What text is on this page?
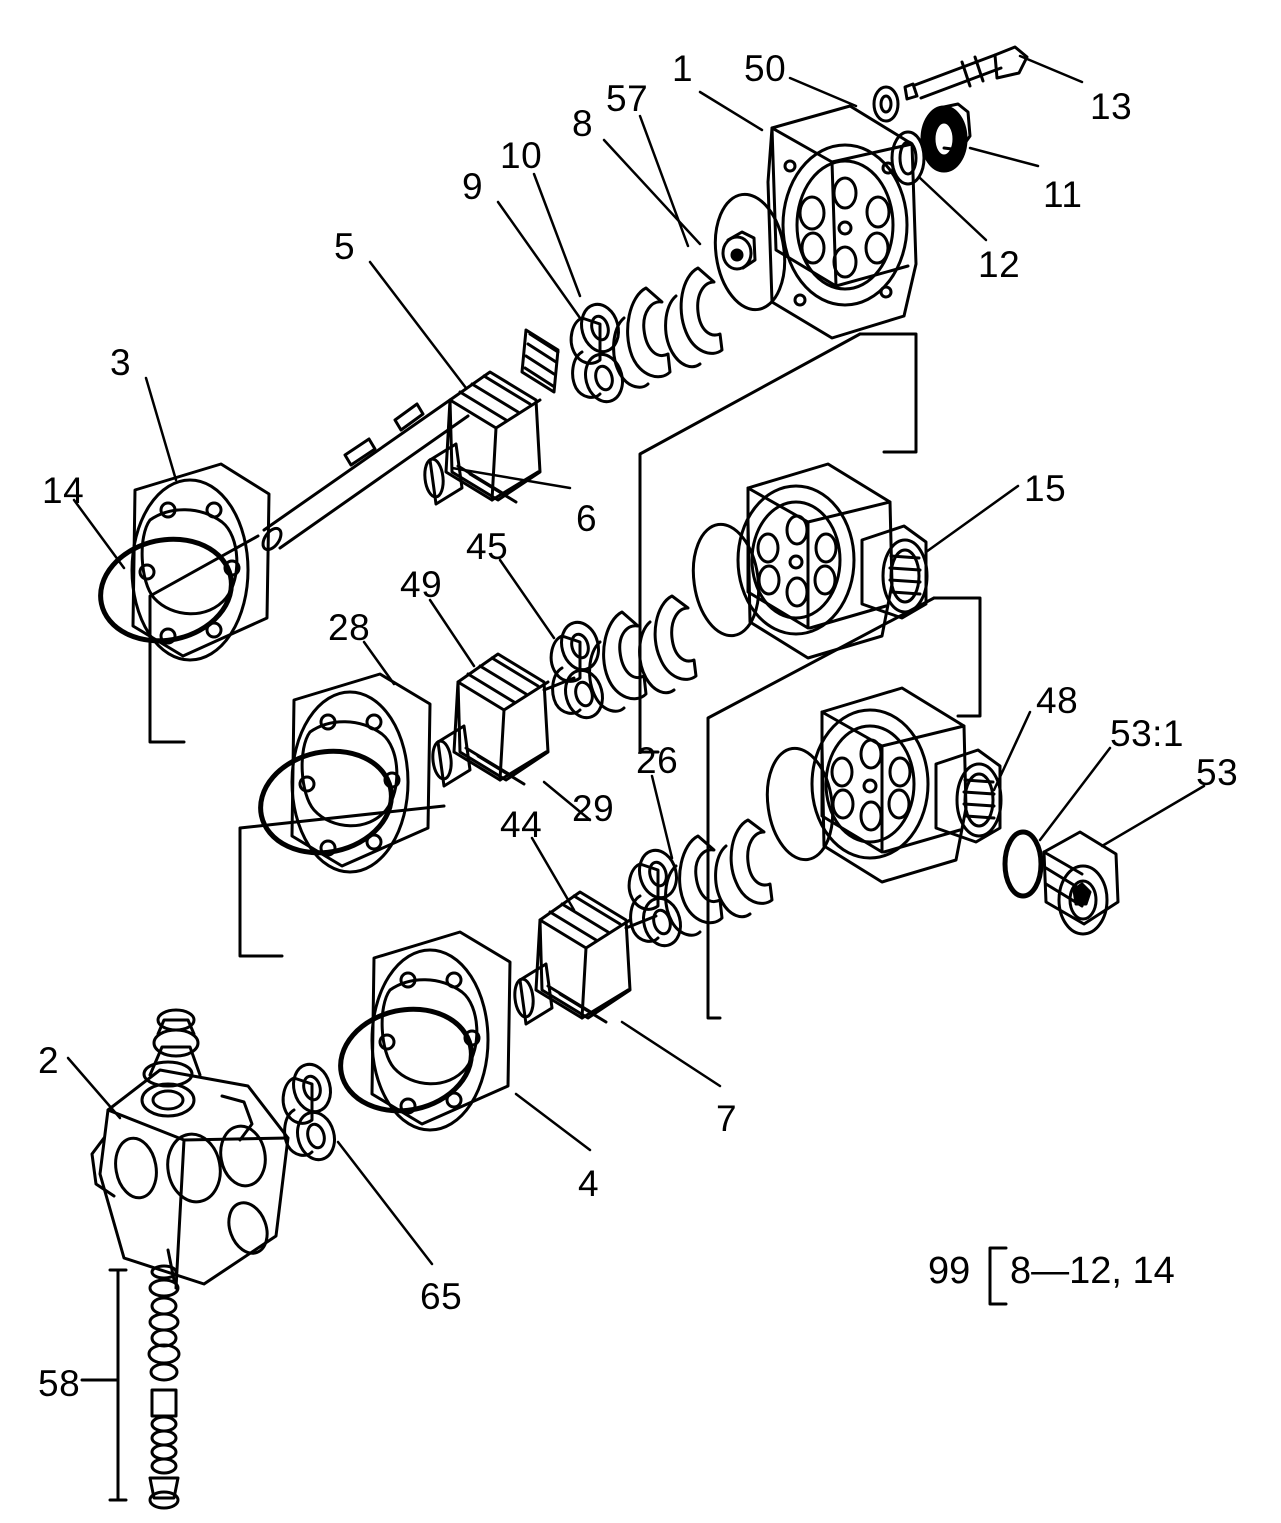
1 50
13
57
8
11
10
9
12
5
3
14
6
15
45
49
28
48
53:1
53
26
29
44
7
2
4
65
58
99 8—12, 14
